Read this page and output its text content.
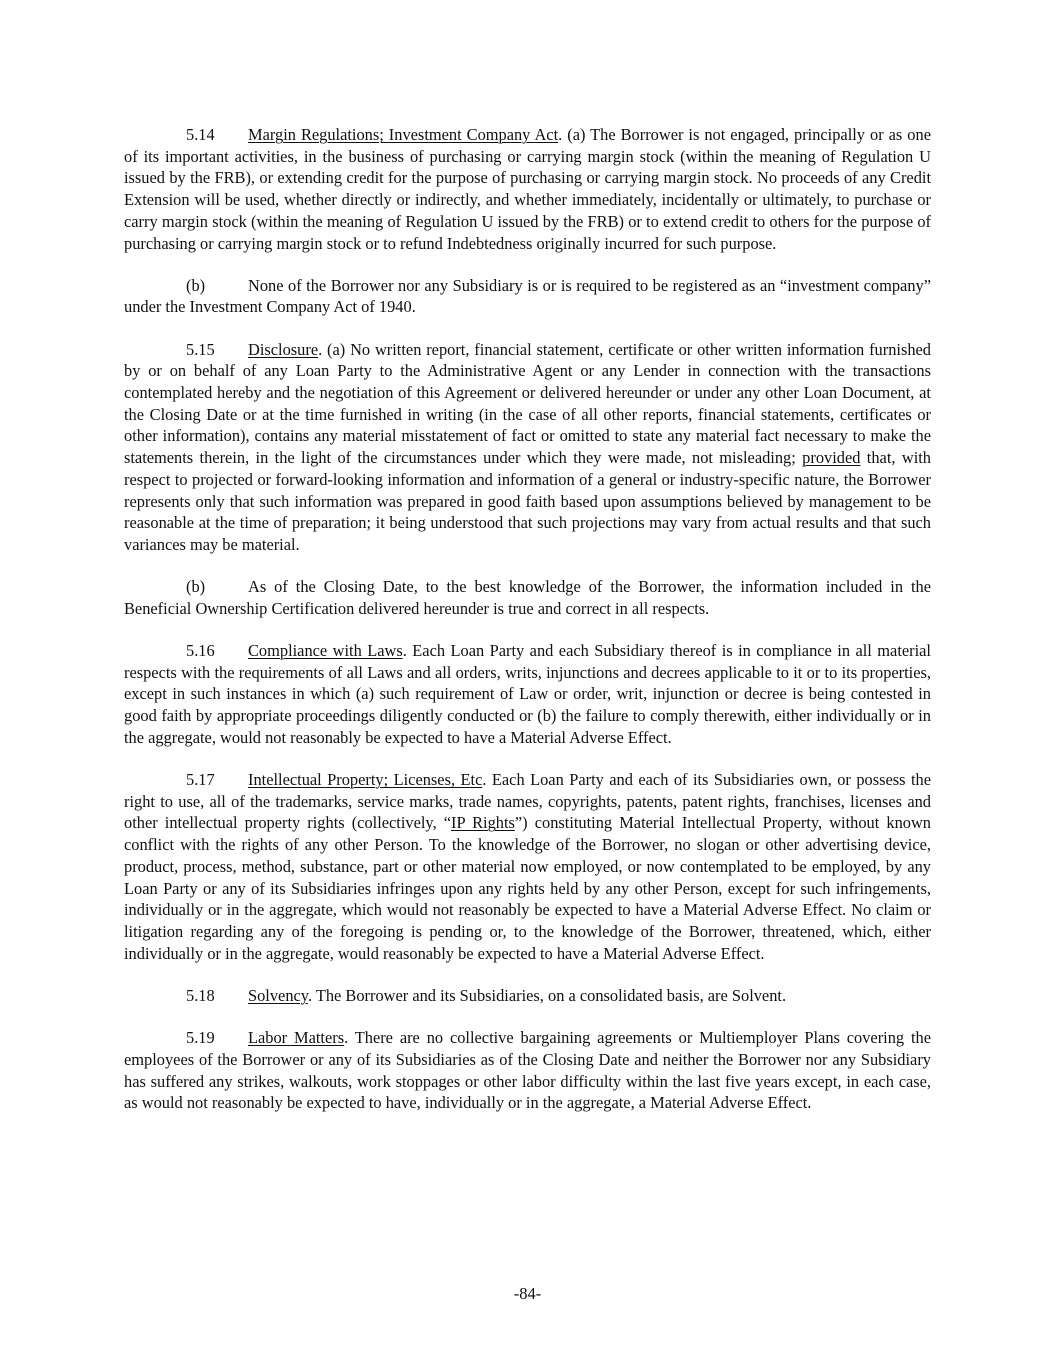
5.14 Margin Regulations; Investment Company Act. (a) The Borrower is not engaged, principally or as one of its important activities, in the business of purchasing or carrying margin stock (within the meaning of Regulation U issued by the FRB), or extending credit for the purpose of purchasing or carrying margin stock. No proceeds of any Credit Extension will be used, whether directly or indirectly, and whether immediately, incidentally or ultimately, to purchase or carry margin stock (within the meaning of Regulation U issued by the FRB) or to extend credit to others for the purpose of purchasing or carrying margin stock or to refund Indebtedness originally incurred for such purpose.

(b)	None of the Borrower nor any Subsidiary is or is required to be registered as an “investment company” under the Investment Company Act of 1940.

5.15 Disclosure. (a) No written report, financial statement, certificate or other written information furnished by or on behalf of any Loan Party to the Administrative Agent or any Lender in connection with the transactions contemplated hereby and the negotiation of this Agreement or delivered hereunder or under any other Loan Document, at the Closing Date or at the time furnished in writing (in the case of all other reports, financial statements, certificates or other information), contains any material misstatement of fact or omitted to state any material fact necessary to make the statements therein, in the light of the circumstances under which they were made, not misleading; provided that, with respect to projected or forward-looking information and information of a general or industry-specific nature, the Borrower represents only that such information was prepared in good faith based upon assumptions believed by management to be reasonable at the time of preparation; it being understood that such projections may vary from actual results and that such variances may be material.

(b)	As of the Closing Date, to the best knowledge of the Borrower, the information included in the Beneficial Ownership Certification delivered hereunder is true and correct in all respects.

5.16 Compliance with Laws. Each Loan Party and each Subsidiary thereof is in compliance in all material respects with the requirements of all Laws and all orders, writs, injunctions and decrees applicable to it or to its properties, except in such instances in which (a) such requirement of Law or order, writ, injunction or decree is being contested in good faith by appropriate proceedings diligently conducted or (b) the failure to comply therewith, either individually or in the aggregate, would not reasonably be expected to have a Material Adverse Effect.

5.17 Intellectual Property; Licenses, Etc. Each Loan Party and each of its Subsidiaries own, or possess the right to use, all of the trademarks, service marks, trade names, copyrights, patents, patent rights, franchises, licenses and other intellectual property rights (collectively, “IP Rights”) constituting Material Intellectual Property, without known conflict with the rights of any other Person. To the knowledge of the Borrower, no slogan or other advertising device, product, process, method, substance, part or other material now employed, or now contemplated to be employed, by any Loan Party or any of its Subsidiaries infringes upon any rights held by any other Person, except for such infringements, individually or in the aggregate, which would not reasonably be expected to have a Material Adverse Effect. No claim or litigation regarding any of the foregoing is pending or, to the knowledge of the Borrower, threatened, which, either individually or in the aggregate, would reasonably be expected to have a Material Adverse Effect.

5.18 Solvency. The Borrower and its Subsidiaries, on a consolidated basis, are Solvent.

5.19 Labor Matters. There are no collective bargaining agreements or Multiemployer Plans covering the employees of the Borrower or any of its Subsidiaries as of the Closing Date and neither the Borrower nor any Subsidiary has suffered any strikes, walkouts, work stoppages or other labor difficulty within the last five years except, in each case, as would not reasonably be expected to have, individually or in the aggregate, a Material Adverse Effect.

-84-
